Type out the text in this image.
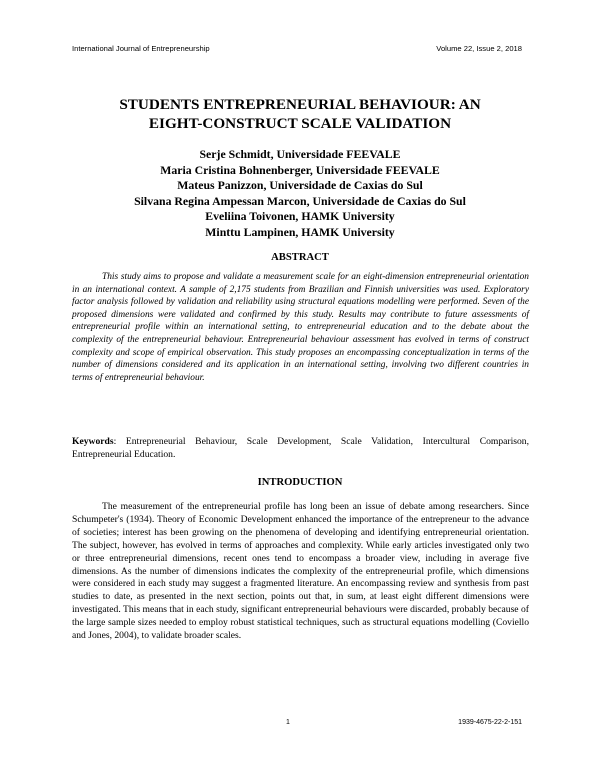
International Journal of Entrepreneurship	Volume 22, Issue 2, 2018
STUDENTS ENTREPRENEURIAL BEHAVIOUR: AN
EIGHT-CONSTRUCT SCALE VALIDATION
Serje Schmidt, Universidade FEEVALE
Maria Cristina Bohnenberger, Universidade FEEVALE
Mateus Panizzon, Universidade de Caxias do Sul
Silvana Regina Ampessan Marcon, Universidade de Caxias do Sul
Eveliina Toivonen, HAMK University
Minttu Lampinen, HAMK University
ABSTRACT

This study aims to propose and validate a measurement scale for an eight-dimension entrepreneurial orientation in an international context. A sample of 2,175 students from Brazilian and Finnish universities was used. Exploratory factor analysis followed by validation and reliability using structural equations modelling were performed. Seven of the proposed dimensions were validated and confirmed by this study. Results may contribute to future assessments of entrepreneurial profile within an international setting, to entrepreneurial education and to the debate about the complexity of the entrepreneurial behaviour. Entrepreneurial behaviour assessment has evolved in terms of construct complexity and scope of empirical observation. This study proposes an encompassing conceptualization in terms of the number of dimensions considered and its application in an international setting, involving two different countries in terms of entrepreneurial behaviour.

Keywords: Entrepreneurial Behaviour, Scale Development, Scale Validation, Intercultural Comparison, Entrepreneurial Education.

INTRODUCTION

The measurement of the entrepreneurial profile has long been an issue of debate among researchers. Since Schumpeter's (1934). Theory of Economic Development enhanced the importance of the entrepreneur to the advance of societies; interest has been growing on the phenomena of developing and identifying entrepreneurial orientation. The subject, however, has evolved in terms of approaches and complexity. While early articles investigated only two or three entrepreneurial dimensions, recent ones tend to encompass a broader view, including in average five dimensions. As the number of dimensions indicates the complexity of the entrepreneurial profile, which dimensions were considered in each study may suggest a fragmented literature. An encompassing review and synthesis from past studies to date, as presented in the next section, points out that, in sum, at least eight different dimensions were investigated. This means that in each study, significant entrepreneurial behaviours were discarded, probably because of the large sample sizes needed to employ robust statistical techniques, such as structural equations modelling (Coviello and Jones, 2004), to validate broader scales.

1	1939-4675-22-2-151
